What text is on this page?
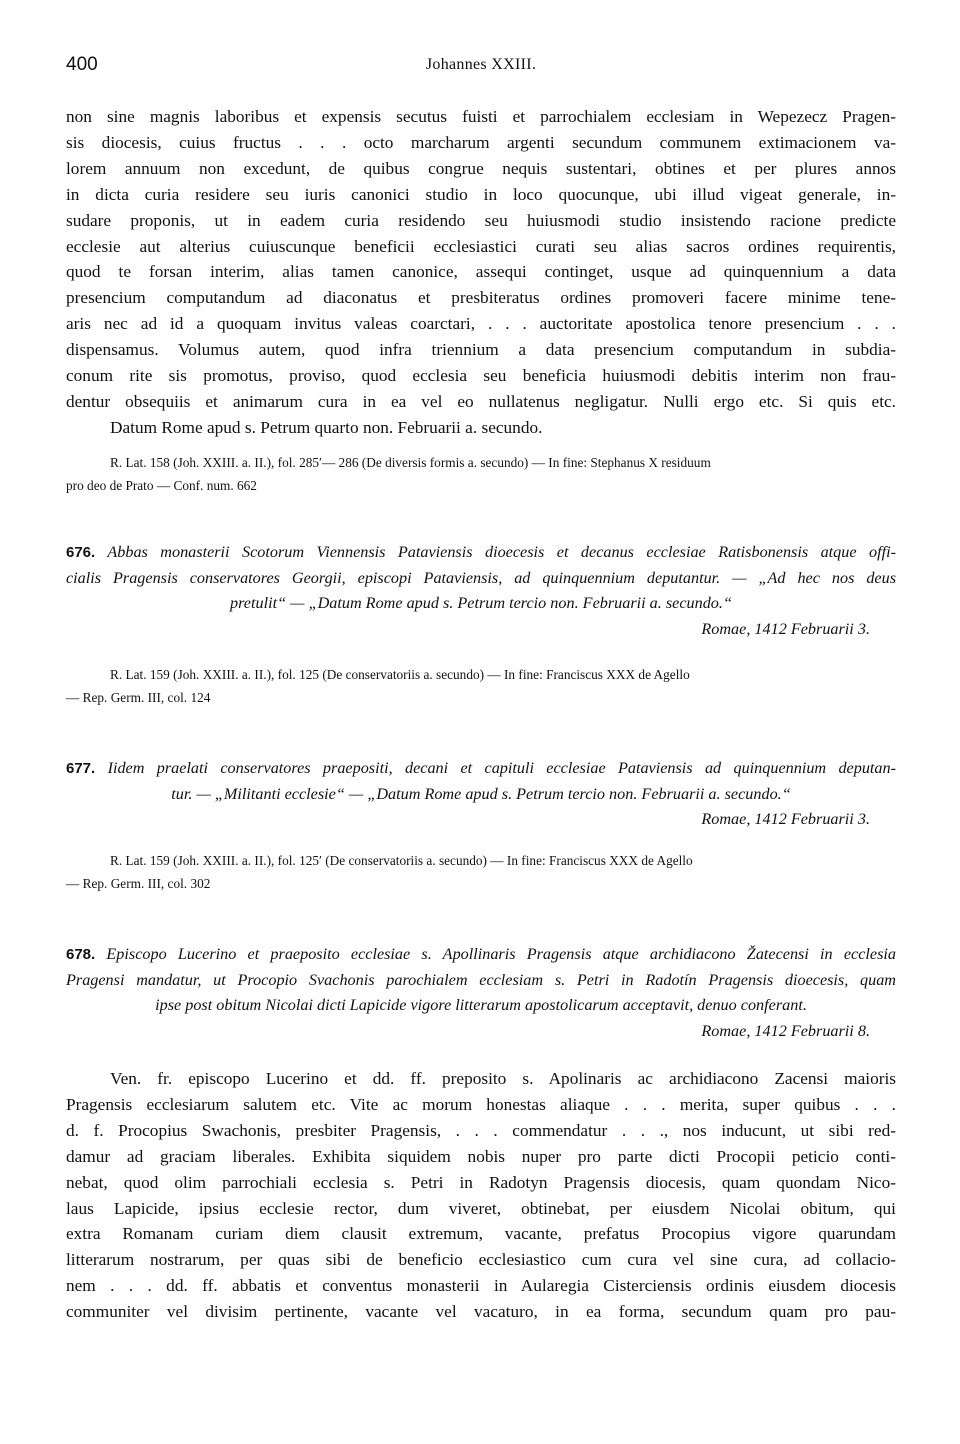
400	Johannes XXIII.

non sine magnis laboribus et expensis secutus fuisti et parrochialem ecclesiam in Wepezecz Pragen-
sis diocesis, cuius fructus . . . octo marcharum argenti secundum communem extimacionem va-
lorem annuum non excedunt, de quibus congrue nequis sustentari, obtines et per plures annos
in dicta curia residere seu iuris canonici studio in loco quocunque, ubi illud vigeat generale, in-
sudare proponis, ut in eadem curia residendo seu huiusmodi studio insistendo racione predicte
ecclesie aut alterius cuiuscunque beneficii ecclesiastici curati seu alias sacros ordines requirentis,
quod te forsan interim, alias tamen canonice, assequi continget, usque ad quinquennium a data
presencium computandum ad diaconatus et presbiteratus ordines promoveri facere minime tene-
aris nec ad id a quoquam invitus valeas coarctari, . . . auctoritate apostolica tenore presencium . . .
dispensamus. Volumus autem, quod infra triennium a data presencium computandum in subdia-
conum rite sis promotus, proviso, quod ecclesia seu beneficia huiusmodi debitis interim non frau-
dentur obsequiis et animarum cura in ea vel eo nullatenus negligatur. Nulli ergo etc. Si quis etc.
Datum Rome apud s. Petrum quarto non. Februarii a. secundo.

R. Lat. 158 (Joh. XXIII. a. II.), fol. 285′— 286 (De diversis formis a. secundo) — In fine: Stephanus X residuum
pro deo de Prato — Conf. num. 662

676. Abbas monasterii Scotorum Viennensis Pataviensis dioecesis et decanus ecclesiae Ratisbonensis atque offi-
cialis Pragensis conservatores Georgii, episcopi Pataviensis, ad quinquennium deputantur. — „Ad hec nos deus
pretulit“ — „Datum Rome apud s. Petrum tercio non. Februarii a. secundo.“
Romae, 1412 Februarii 3.

R. Lat. 159 (Joh. XXIII. a. II.), fol. 125 (De conservatoriis a. secundo) — In fine: Franciscus XXX de Agello
— Rep. Germ. III, col. 124

677. Iidem praelati conservatores praepositi, decani et capituli ecclesiae Pataviensis ad quinquennium deputan-
tur. — „Militanti ecclesie“ — „Datum Rome apud s. Petrum tercio non. Februarii a. secundo.“
Romae, 1412 Februarii 3.

R. Lat. 159 (Joh. XXIII. a. II.), fol. 125′ (De conservatoriis a. secundo) — In fine: Franciscus XXX de Agello
— Rep. Germ. III, col. 302

678. Episcopo Lucerino et praeposito ecclesiae s. Apollinaris Pragensis atque archidiacono Žatecensi in ecclesia
Pragensi mandatur, ut Procopio Svachonis parochialem ecclesiam s. Petri in Radotín Pragensis dioecesis, quam
ipse post obitum Nicolai dicti Lapicide vigore litterarum apostolicarum acceptavit, denuo conferant.
Romae, 1412 Februarii 8.

Ven. fr. episcopo Lucerino et dd. ff. preposito s. Apolinaris ac archidiacono Zacensi maioris
Pragensis ecclesiarum salutem etc. Vite ac morum honestas aliaque . . . merita, super quibus . . .
d. f. Procopius Swachonis, presbiter Pragensis, . . . commendatur . . ., nos inducunt, ut sibi red-
damur ad graciam liberales. Exhibita siquidem nobis nuper pro parte dicti Procopii peticio conti-
nebat, quod olim parrochiali ecclesia s. Petri in Radotyn Pragensis diocesis, quam quondam Nico-
laus Lapicide, ipsius ecclesie rector, dum viveret, obtinebat, per eiusdem Nicolai obitum, qui
extra Romanam curiam diem clausit extremum, vacante, prefatus Procopius vigore quarundam
litterarum nostrarum, per quas sibi de beneficio ecclesiastico cum cura vel sine cura, ad collacio-
nem . . . dd. ff. abbatis et conventus monasterii in Aularegia Cisterciensis ordinis eiusdem diocesis
communiter vel divisim pertinente, vacante vel vacaturo, in ea forma, secundum quam pro pau-
